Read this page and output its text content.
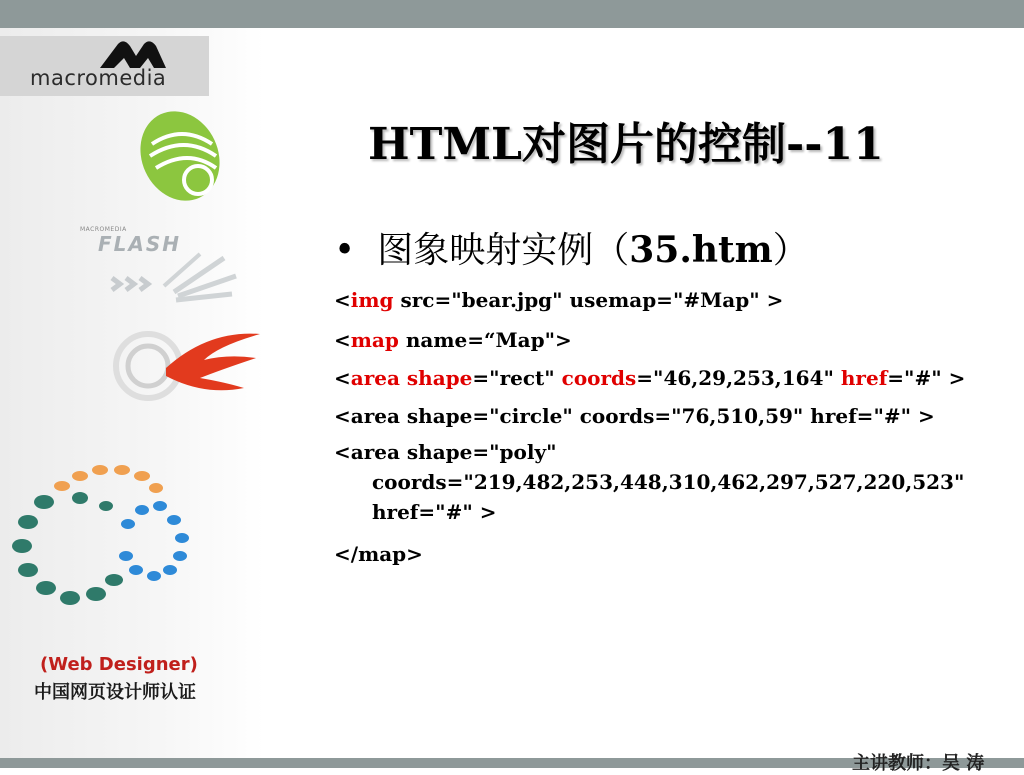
macromedia
MACROMEDIA
FLASH
(Web Designer)
中国网页设计师认证
HTML对图片的控制--11
• 图象映射实例（35.htm）
<img src="bear.jpg" usemap="#Map" >
<map name=“Map">
<area shape="rect" coords="46,29,253,164" href="#" >
<area shape="circle" coords="76,510,59" href="#" >
<area shape="poly"
coords="219,482,253,448,310,462,297,527,220,523"
href="#" >
</map>
主讲教师：吴 涛
